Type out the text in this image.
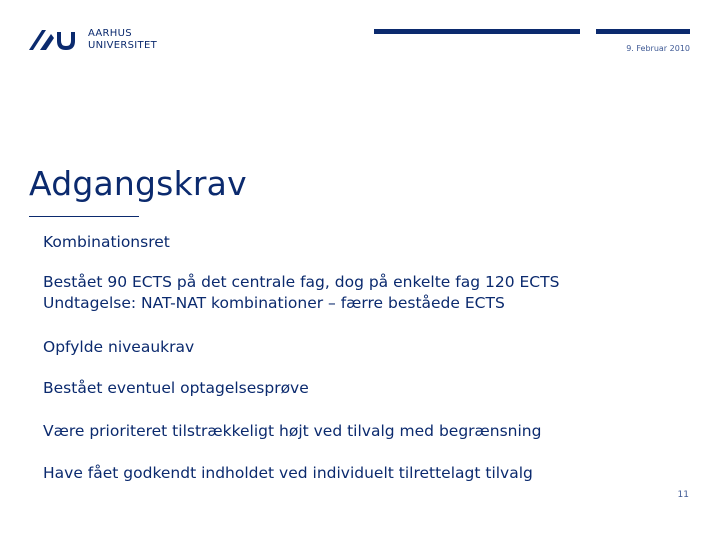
AARHUS
UNIVERSITET	9. Februar 2010
Adgangskrav
Kombinationsret
Bestået 90 ECTS på det centrale fag, dog på enkelte fag 120 ECTS
Undtagelse: NAT-NAT kombinationer – færre beståede ECTS
Opfylde niveaukrav
Bestået eventuel optagelsesprøve
Være prioriteret tilstrækkeligt højt ved tilvalg med begrænsning
Have fået godkendt indholdet ved individuelt tilrettelagt tilvalg
11
